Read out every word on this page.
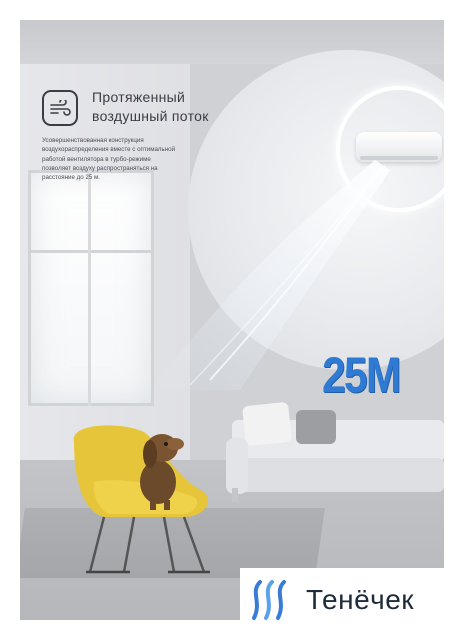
25M
Протяженный
воздушный поток
Усовершенствованная конструкция
воздухораспределения вместе с оптимальной
работой вентилятора в турбо-режиме
позволяет воздуху распространяться на
расстояние до 25 м.
Тенёчек
